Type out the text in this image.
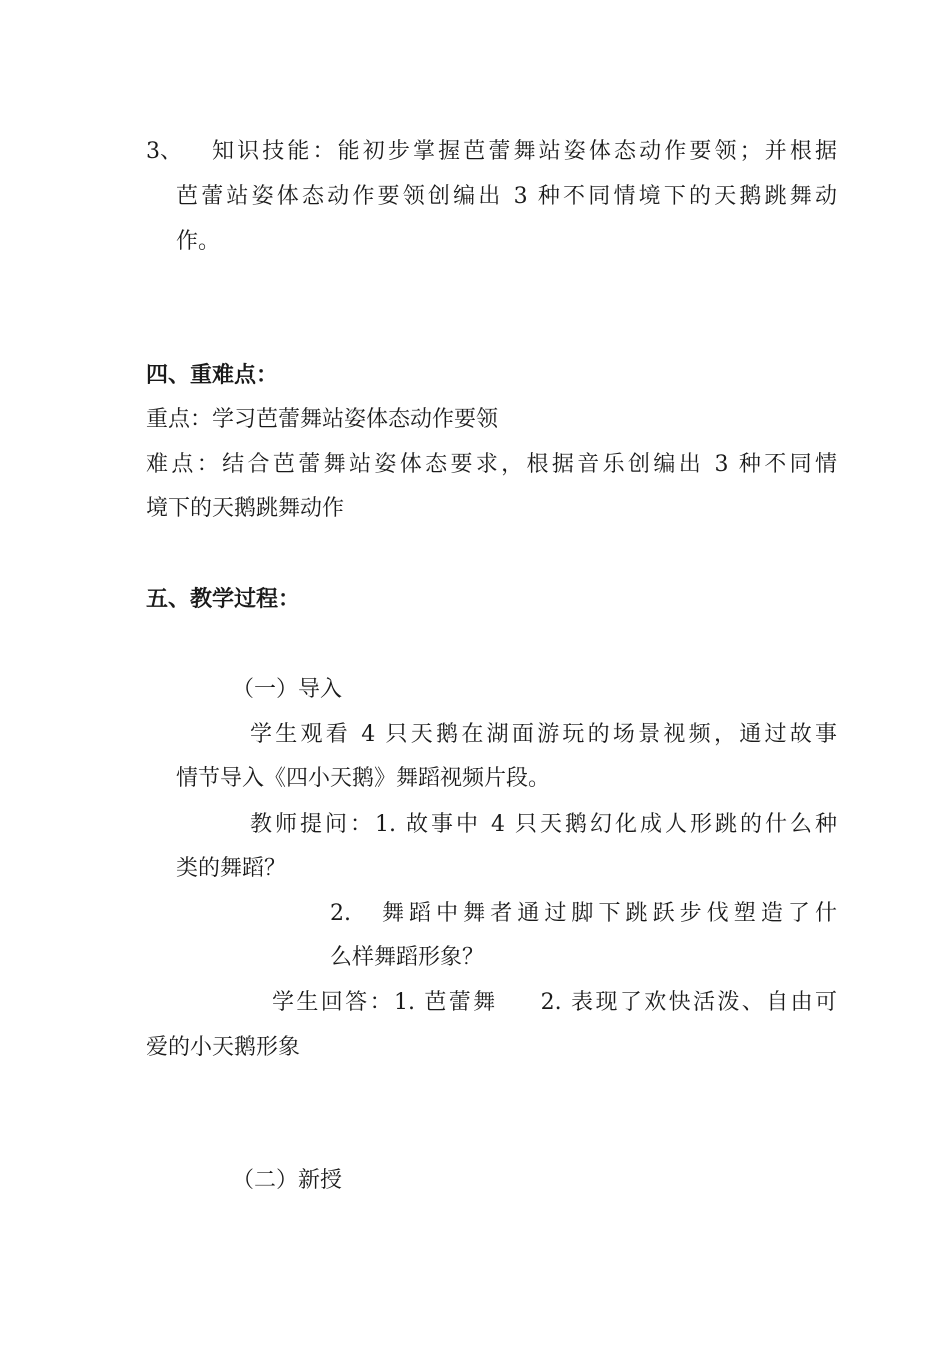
3、 知识技能：能初步掌握芭蕾舞站姿体态动作要领；并根据
芭蕾站姿体态动作要领创编出 3 种不同情境下的天鹅跳舞动
作。
四、重难点：
重点：学习芭蕾舞站姿体态动作要领
难点：结合芭蕾舞站姿体态要求，根据音乐创编出 3 种不同情
境下的天鹅跳舞动作
五、教学过程：
（一）导入
学生观看 4 只天鹅在湖面游玩的场景视频，通过故事
情节导入《四小天鹅》舞蹈视频片段。
教师提问：1. 故事中 4 只天鹅幻化成人形跳的什么种
类的舞蹈？
2. 舞蹈中舞者通过脚下跳跃步伐塑造了什
么样舞蹈形象？
学生回答：1. 芭蕾舞 　 2. 表现了欢快活泼、自由可
爱的小天鹅形象
（二）新授
